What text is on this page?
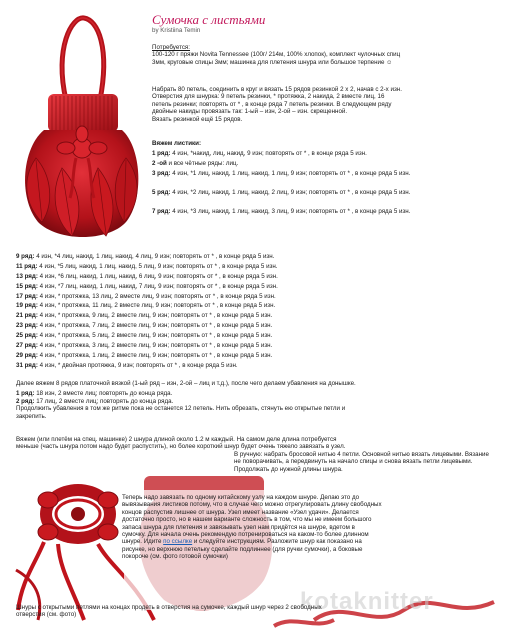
Сумочка с листьями
by Kristiina Temin
Потребуется:
100-120 г пряжи Novita Tennessee (100г/ 214м, 100% хлопок), комплект чулочных спиц
3мм, круговые спицы 3мм; машинка для плетения шнура или большое терпение ☺
Набрать 80 петель, соединить в круг и вязать 15 рядов резинкой 2 х 2, начав с 2-х изн.
Отверстия для шнурка: 9 петель резинки, * протяжка, 2 накида, 2 вместе лиц, 16
петель резинки; повторять от * , в конце ряда 7 петель резинки. В следующем ряду
двойные накиды провязать так: 1-ый – изн, 2-ой – изн. скрещенной.
Вязать резинкой ещё 15 рядов.
Вяжем листики:
1 ряд: 4 изн, *накид, лиц, накид, 9 изн; повторять от * , в конце ряда 5 изн.
2 -ой и все чётные ряды: лиц.
3 ряд: 4 изн, *1 лиц, накид, 1 лиц, накид, 1 лиц, 9 изн; повторять от * , в конце ряда 5 изн.
5 ряд: 4 изн, *2 лиц, накид, 1 лиц, накид, 2 лиц, 9 изн; повторять от * , в конце ряда 5 изн.
7 ряд: 4 изн, *3 лиц, накид, 1 лиц, накид, 3 лиц, 9 изн; повторять от * , в конце ряда 5 изн.
9 ряд: 4 изн, *4 лиц, накид, 1 лиц, накид, 4 лиц, 9 изн; повторять от * , в конце ряда 5 изн.
11 ряд: 4 изн, *5 лиц, накид, 1 лиц, накид, 5 лиц, 9 изн; повторять от * , в конце ряда 5 изн.
13 ряд: 4 изн, *6 лиц, накид, 1 лиц, накид, 6 лиц, 9 изн; повторять от * , в конце ряда 5 изн.
15 ряд: 4 изн, *7 лиц, накид, 1 лиц, накид, 7 лиц, 9 изн; повторять от * , в конце ряда 5 изн.
17 ряд: 4 изн, * протяжка, 13 лиц, 2 вместе лиц, 9 изн; повторять от * , в конце ряда 5 изн.
19 ряд: 4 изн, * протяжка, 11 лиц, 2 вместе лиц, 9 изн; повторять от * , в конце ряда 5 изн.
21 ряд: 4 изн, * протяжка, 9 лиц, 2 вместе лиц, 9 изн; повторять от * , в конце ряда 5 изн.
23 ряд: 4 изн, * протяжка, 7 лиц, 2 вместе лиц, 9 изн; повторять от * , в конце ряда 5 изн.
25 ряд: 4 изн, * протяжка, 5 лиц, 2 вместе лиц, 9 изн; повторять от * , в конце ряда 5 изн.
27 ряд: 4 изн, * протяжка, 3 лиц, 2 вместе лиц, 9 изн; повторять от * , в конце ряда 5 изн.
29 ряд: 4 изн, * протяжка, 1 лиц, 2 вместе лиц, 9 изн; повторять от * , в конце ряда 5 изн.
31 ряд: 4 изн, * двойная протяжка, 9 изн; повторять от * , в конце ряда 5 изн.
Далее вяжем 8 рядов платочной вязкой (1-ый ряд – изн, 2-ой – лиц и т.д.), после чего делаем убавления на донышке.
1 ряд: 18 изн, 2 вместе лиц; повторять до конца ряда.
2 ряд: 17 лиц, 2 вместе лиц; повторять до конца ряда.
Продолжить убавления в том же ритме пока не останется 12 петель. Нить обрезать, стянуть ею открытые петли и
закрепить.
Вяжем (или плетём на спец. машинке) 2 шнура длиной около 1.2 м каждый. На самом деле длина потребуется
меньше (часть шнура потом надо будет распустить), но более короткий шнур будет очень тяжело завязать в узел.
В ручную: набрать бросовой нитью 4 петли. Основной нитью вязать лицевыми. Вязание
не поворачивать, а передвинуть на начало спицы и снова вязать петли лицевыми.
Продолжать до нужной длины шнура.
Теперь надо завязать по одному китайскому узлу на каждом шнуре. Делаю это до
вывязывания листиков потому, что в случае чего можно отрегулировать длину свободных
концов распустив лишнее от шнура. Узел имеет название «Узел удачи». Делается
достаточно просто, но в нашем варианте сложность в том, что мы не имеем большого
запаса шнура для плетения и завязывать узел нам придётся на шнуре, вдетом в
сумочку. Для начала очень рекомендую потренироваться на каком-то более длинном
шнуре. Идите по ссылке и следуйте инструкциям. Разложите шнур как показано на
рисунке, но верхнюю петельку сделайте подлиннее (для ручки сумочки), а боковые
покороче (см. фото готовой сумочки)
kotaknitter
Шнуры с открытыми петлями на концах продеть в отверстия на сумочке, каждый шнур через 2 свободных
отверстия (см. фото)
